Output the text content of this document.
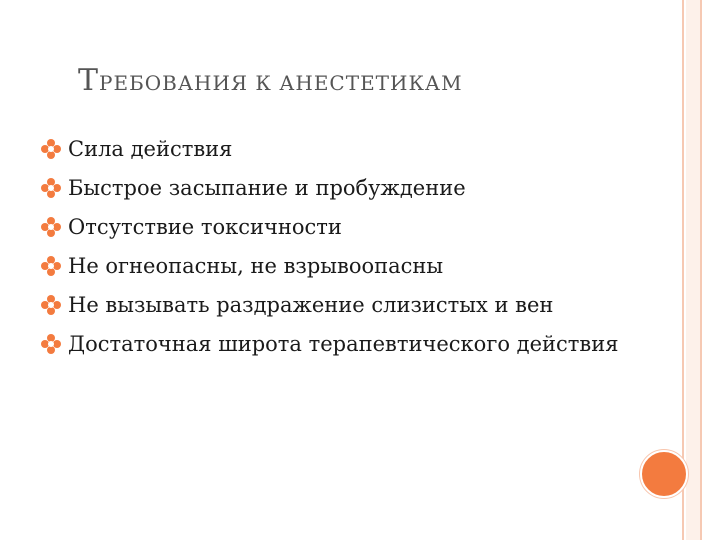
ТРЕБОВАНИЯ К АНЕСТЕТИКАМ
Сила действия
Быстрое засыпание и пробуждение
Отсутствие токсичности
Не огнеопасны, не взрывоопасны
Не вызывать раздражение слизистых и вен
Достаточная широта терапевтического действия
